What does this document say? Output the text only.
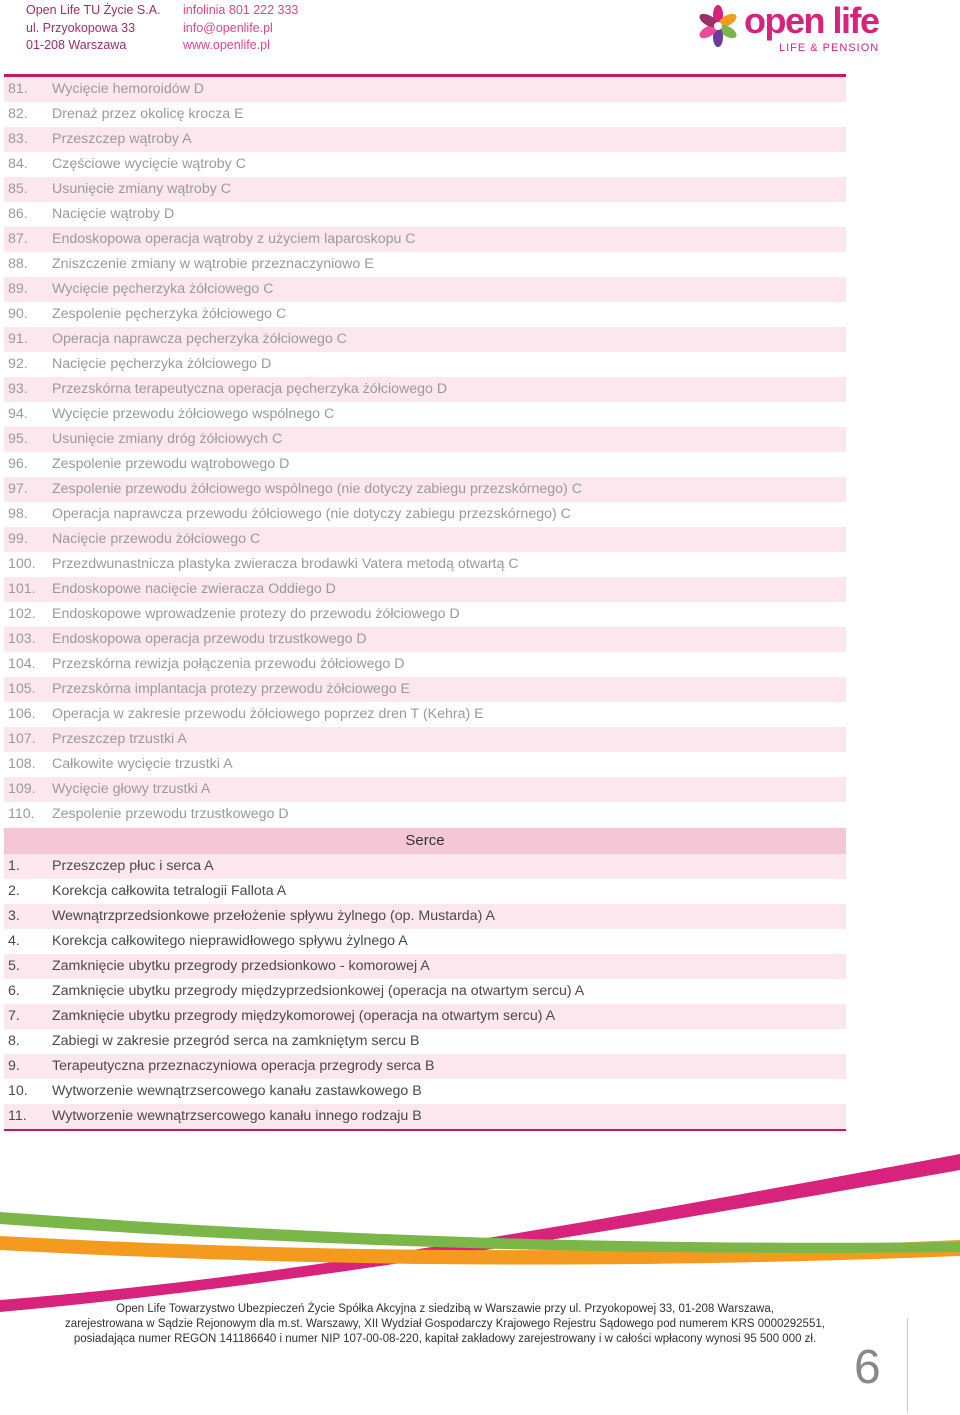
Open Life TU Życie S.A.
ul. Przyokopowa 33
01-208 Warszawa
infolinia 801 222 333
info@openlife.pl
www.openlife.pl
open life
LIFE & PENSION
81. Wycięcie hemoroidów D
82. Drenaż przez okolicę krocza E
83. Przeszczep wątroby A
84. Częściowe wycięcie wątroby C
85. Usunięcie zmiany wątroby C
86. Nacięcie wątroby D
87. Endoskopowa operacja wątroby z użyciem laparoskopu C
88. Zniszczenie zmiany w wątrobie przeznaczyniowo E
89. Wycięcie pęcherzyka żółciowego C
90. Zespolenie pęcherzyka żółciowego C
91. Operacja naprawcza pęcherzyka żółciowego C
92. Nacięcie pęcherzyka żółciowego D
93. Przezskórna terapeutyczna operacja pęcherzyka żółciowego D
94. Wycięcie przewodu żółciowego wspólnego C
95. Usunięcie zmiany dróg żółciowych C
96. Zespolenie przewodu wątrobowego D
97. Zespolenie przewodu żółciowego wspólnego (nie dotyczy zabiegu przezskórnego) C
98. Operacja naprawcza przewodu żółciowego (nie dotyczy zabiegu przezskórnego) C
99. Nacięcie przewodu żółciowego C
100. Przezdwunastnicza plastyka zwieracza brodawki Vatera metodą otwartą C
101. Endoskopowe nacięcie zwieracza Oddiego D
102. Endoskopowe wprowadzenie protezy do przewodu żółciowego D
103. Endoskopowa operacja przewodu trzustkowego D
104. Przezskórna rewizja połączenia przewodu żółciowego D
105. Przezskórna implantacja protezy przewodu żółciowego E
106. Operacja w zakresie przewodu żółciowego poprzez dren T (Kehra) E
107. Przeszczep trzustki A
108. Całkowite wycięcie trzustki A
109. Wycięcie głowy trzustki A
110. Zespolenie przewodu trzustkowego D
Serce
1. Przeszczep płuc i serca A
2. Korekcja całkowita tetralogii Fallota A
3. Wewnątrzprzedsionkowe przełożenie spływu żylnego (op. Mustarda) A
4. Korekcja całkowitego nieprawidłowego spływu żylnego A
5. Zamknięcie ubytku przegrody przedsionkowo - komorowej A
6. Zamknięcie ubytku przegrody międzyprzedsionkowej (operacja na otwartym sercu) A
7. Zamknięcie ubytku przegrody międzykomorowej (operacja na otwartym sercu) A
8. Zabiegi w zakresie przegród serca na zamkniętym sercu B
9. Terapeutyczna przeznaczyniowa operacja przegrody serca B
10. Wytworzenie wewnątrzsercowego kanału zastawkowego B
11. Wytworzenie wewnątrzsercowego kanału innego rodzaju B
Open Life Towarzystwo Ubezpieczeń Życie Spółka Akcyjna z siedzibą w Warszawie przy ul. Przyokopowej 33, 01-208 Warszawa,
zarejestrowana w Sądzie Rejonowym dla m.st. Warszawy, XII Wydział Gospodarczy Krajowego Rejestru Sądowego pod numerem KRS 0000292551,
posiadająca numer REGON 141186640 i numer NIP 107-00-08-220, kapitał zakładowy zarejestrowany i w całości wpłacony wynosi 95 500 000 zł.
6
